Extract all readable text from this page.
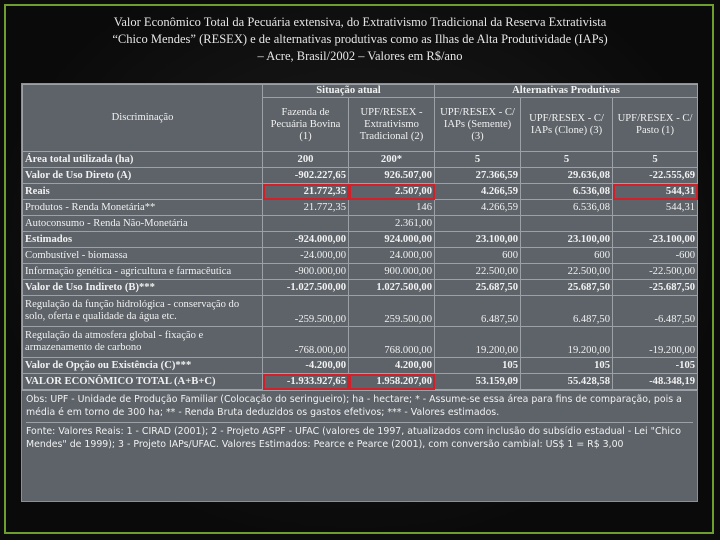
Valor Econômico Total da Pecuária extensiva, do Extrativismo Tradicional da Reserva Extrativista
“Chico Mendes” (RESEX) e de alternativas produtivas como as Ilhas de Alta Produtividade (IAPs)
– Acre, Brasil/2002 – Valores em R$/ano
Discriminação	Situação atual		Alternativas Produtivas		
	Fazenda de Pecuária Bovina (1)	UPF/RESEX - Extrativismo Tradicional (2)	UPF/RESEX - C/ IAPs (Semente) (3)	UPF/RESEX - C/ IAPs (Clone) (3)	UPF/RESEX - C/ Pasto (1)
Área total utilizada (ha)	200	200*	5	5	5
Valor de Uso Direto (A)	-902.227,65	926.507,00	27.366,59	29.636,08	-22.555,69
Reais	21.772,35	2.507,00	4.266,59	6.536,08	544,31
Produtos - Renda Monetária**	21.772,35	146	4.266,59	6.536,08	544,31
Autoconsumo - Renda Não-Monetária		2.361,00			
Estimados	-924.000,00	924.000,00	23.100,00	23.100,00	-23.100,00
Combustível - biomassa	-24.000,00	24.000,00	600	600	-600
Informação genética - agricultura e farmacêutica	-900.000,00	900.000,00	22.500,00	22.500,00	-22.500,00
Valor de Uso Indireto (B)***	-1.027.500,00	1.027.500,00	25.687,50	25.687,50	-25.687,50
Regulação da função hidrológica - conservação do solo, oferta e qualidade da água etc.	-259.500,00	259.500,00	6.487,50	6.487,50	-6.487,50
Regulação da atmosfera global - fixação e armazenamento de carbono	-768.000,00	768.000,00	19.200,00	19.200,00	-19.200,00
Valor de Opção ou Existência (C)***	-4.200,00	4.200,00	105	105	-105
VALOR ECONÔMICO TOTAL (A+B+C)	-1.933.927,65	1.958.207,00	53.159,09	55.428,58	-48.348,19
Obs: UPF - Unidade de Produção Familiar (Colocação do seringueiro); ha - hectare; * - Assume-se essa área para fins de comparação, pois a média é em torno de 300 ha; ** - Renda Bruta deduzidos os gastos efetivos; *** - Valores estimados.
Fonte: Valores Reais: 1 - CIRAD (2001); 2 - Projeto ASPF - UFAC (valores de 1997, atualizados com inclusão do subsídio estadual - Lei "Chico Mendes" de 1999); 3 - Projeto IAPs/UFAC. Valores Estimados: Pearce e Pearce (2001), com conversão cambial: US$ 1 = R$ 3,00
